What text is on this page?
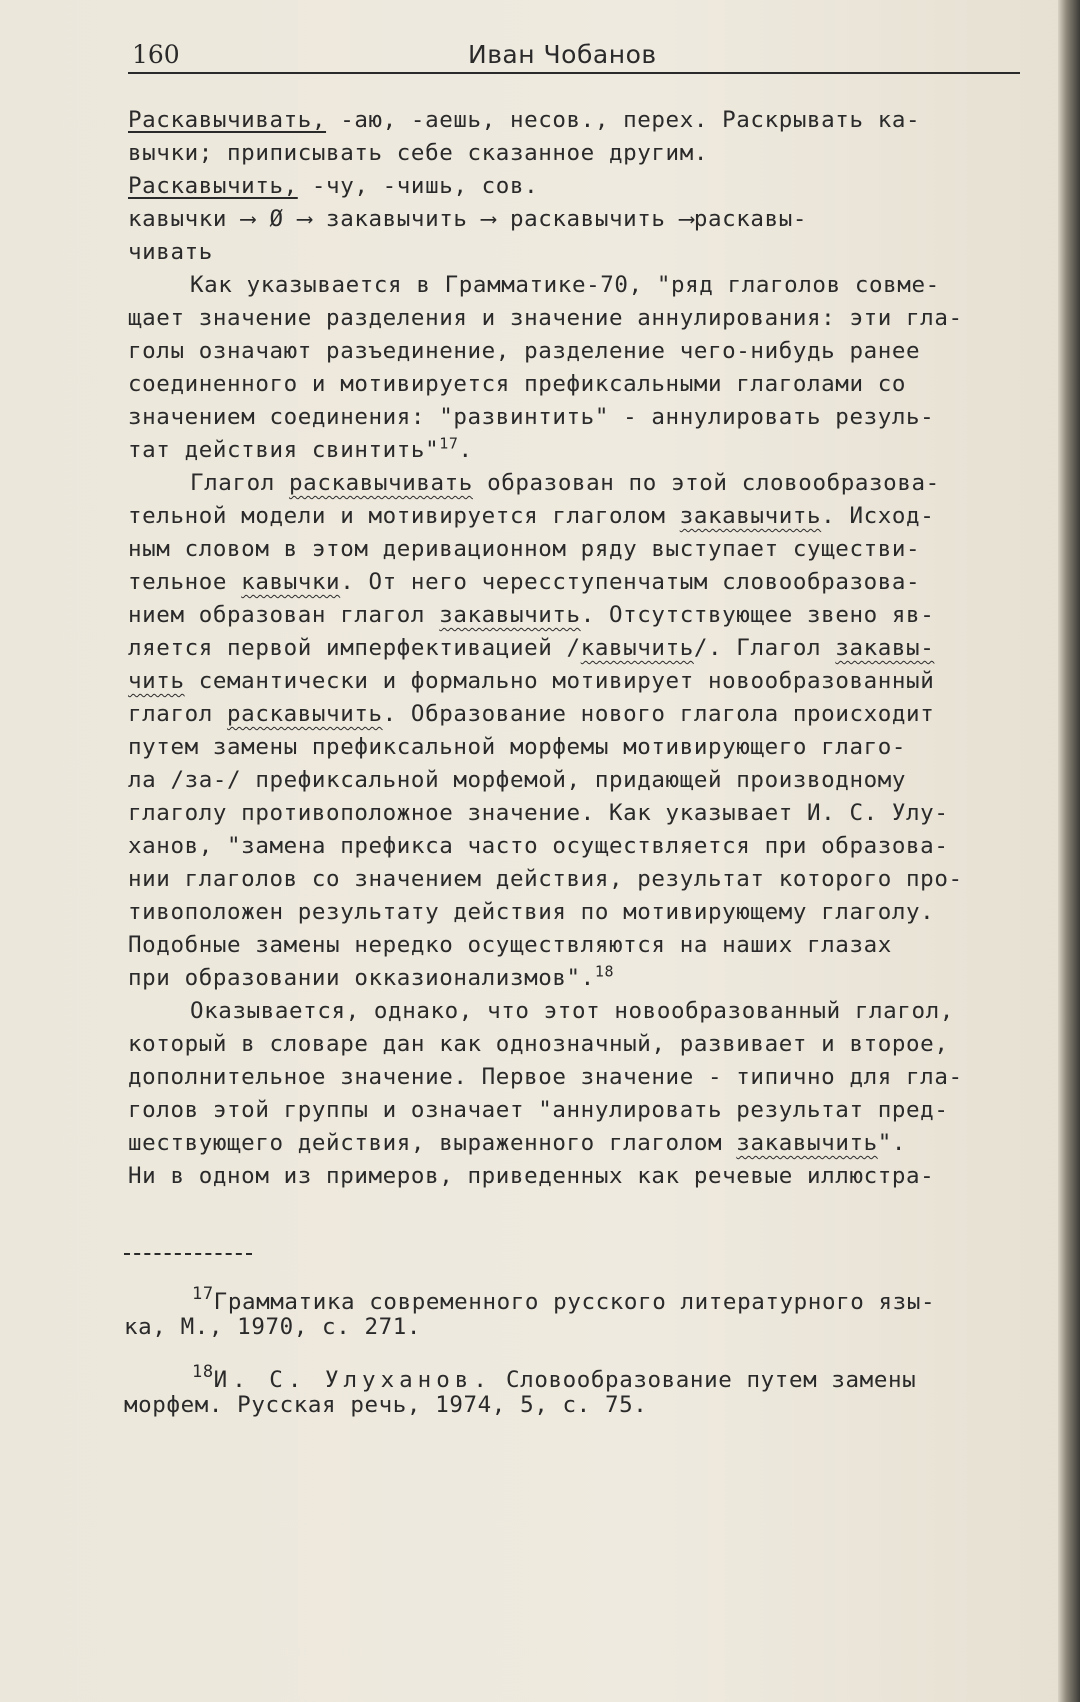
160	Иван Чобанов
Раскавычивать, -аю, -аешь, несов., перех. Раскрывать ка-
вычки; приписывать себе сказанное другим.
Раскавычить, -чу, -чишь, сов.
кавычки ⟶ Ø ⟶ закавычить ⟶ раскавычить ⟶раскавы-
чивать
Как указывается в Грамматике-70, "ряд глаголов совме-
щает значение разделения и значение аннулирования: эти гла-
голы означают разъединение, разделение чего-нибудь ранее
соединенного и мотивируется префиксальными глаголами со
значением соединения: "развинтить" - аннулировать резуль-
тат действия свинтить"$^{17}$.
Глагол раскавычивать образован по этой словообразова-
тельной модели и мотивируется глаголом закавычить. Исход-
ным словом в этом деривационном ряду выступает существи-
тельное кавычки. От него чересступенчатым словообразова-
нием образован глагол закавычить. Отсутствующее звено яв-
ляется первой имперфективацией /кавычить/. Глагол закавы-
чить семантически и формально мотивирует новообразованный
глагол раскавычить. Образование нового глагола происходит
путем замены префиксальной морфемы мотивирующего глаго-
ла /за-/ префиксальной морфемой, придающей производному
глаголу противоположное значение. Как указывает И. С. Улу-
ханов, "замена префикса часто осуществляется при образова-
нии глаголов со значением действия, результат которого про-
тивоположен результату действия по мотивирующему глаголу.
Подобные замены нередко осуществляются на наших глазах
при образовании окказионализмов".$^{18}$
Оказывается, однако, что этот новообразованный глагол,
который в словаре дан как однозначный, развивает и второе,
дополнительное значение. Первое значение - типично для гла-
голов этой группы и означает "аннулировать результат пред-
шествующего действия, выраженного глаголом закавычить".
Ни в одном из примеров, приведенных как речевые иллюстра-
$^{17}$Грамматика современного русского литературного язы-
ка, М., 1970, с. 271.
$^{18}$И. С. Улуханов. Словообразование путем замены
морфем. Русская речь, 1974, 5, с. 75.
